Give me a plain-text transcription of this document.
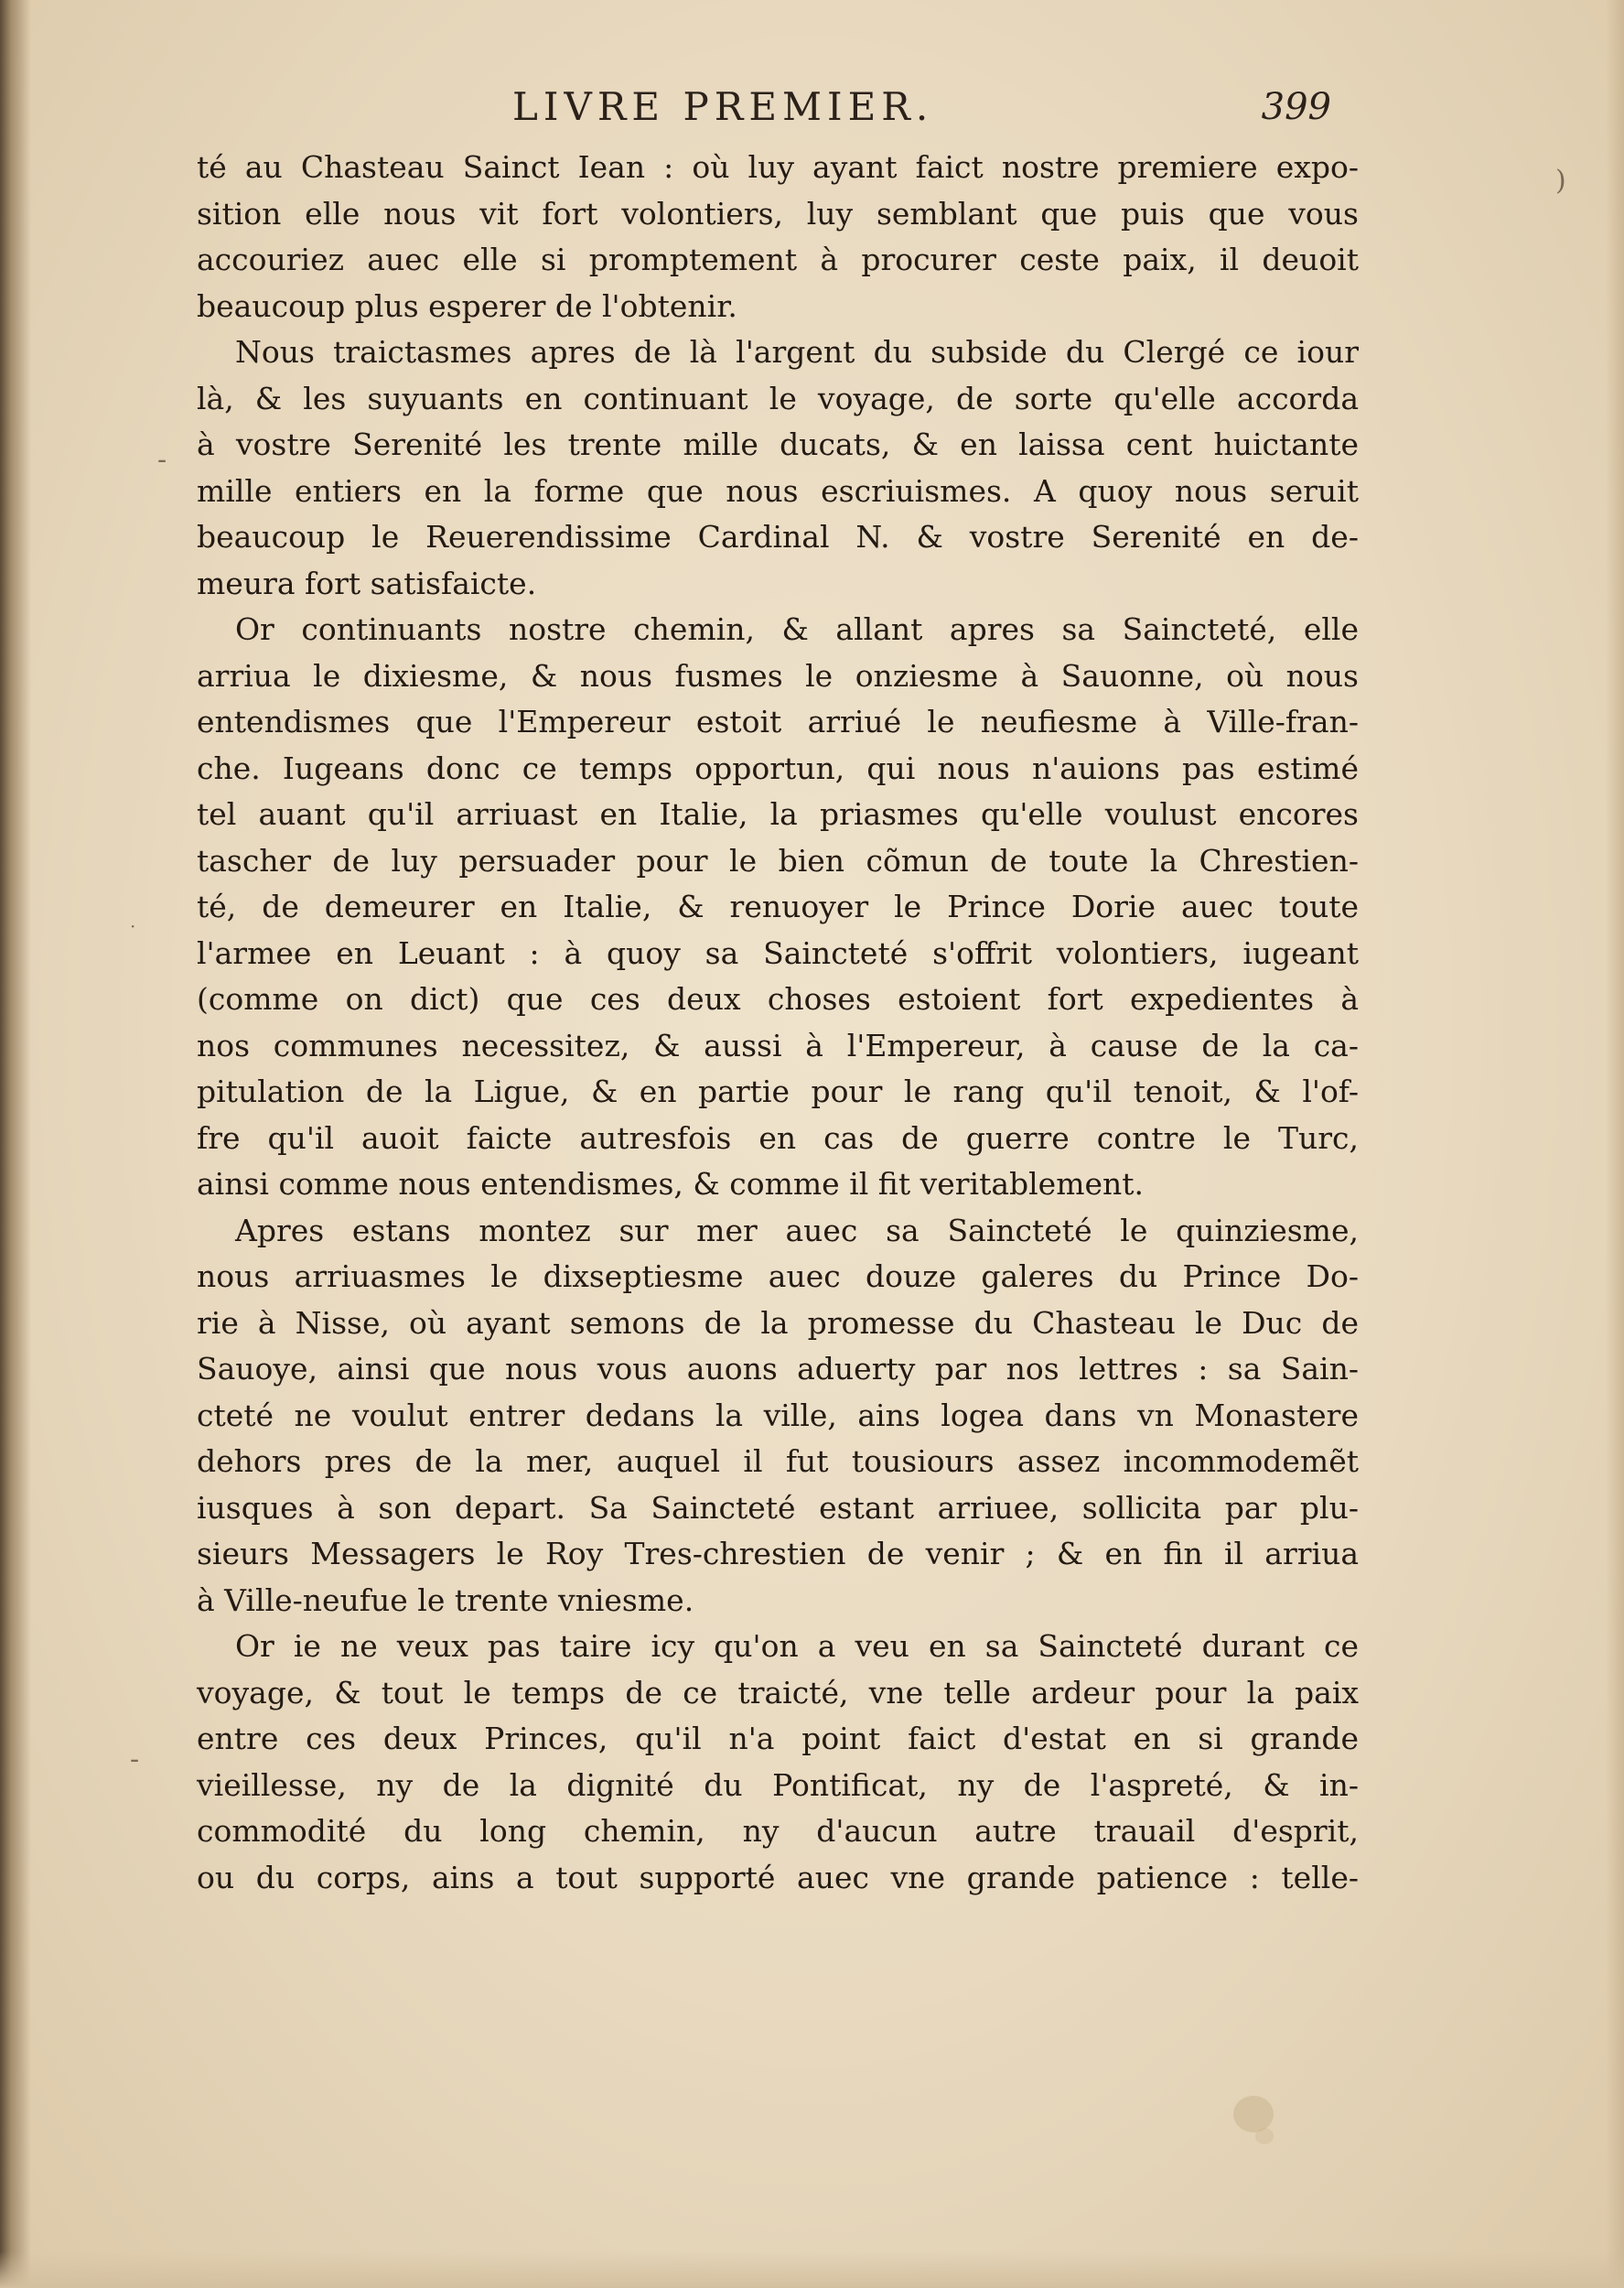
)
-
·
-
LIVRE PREMIER.	399
té au Chasteau Sainct Iean : où luy ayant faict nostre premiere expo-
sition elle nous vit fort volontiers, luy semblant que puis que vous
accouriez auec elle si promptement à procurer ceste paix, il deuoit
beaucoup plus esperer de l'obtenir.
Nous traictasmes apres de là l'argent du subside du Clergé ce iour
là, & les suyuants en continuant le voyage, de sorte qu'elle accorda
à vostre Serenité les trente mille ducats, & en laissa cent huictante
mille entiers en la forme que nous escriuismes. A quoy nous seruit
beaucoup le Reuerendissime Cardinal N. & vostre Serenité en de-
meura fort satisfaicte.
Or continuants nostre chemin, & allant apres sa Saincteté, elle
arriua le dixiesme, & nous fusmes le onziesme à Sauonne, où nous
entendismes que l'Empereur estoit arriué le neufiesme à Ville-fran-
che. Iugeans donc ce temps opportun, qui nous n'auions pas estimé
tel auant qu'il arriuast en Italie, la priasmes qu'elle voulust encores
tascher de luy persuader pour le bien cõmun de toute la Chrestien-
té, de demeurer en Italie, & renuoyer le Prince Dorie auec toute
l'armee en Leuant : à quoy sa Saincteté s'offrit volontiers, iugeant
(comme on dict) que ces deux choses estoient fort expedientes à
nos communes necessitez, & aussi à l'Empereur, à cause de la ca-
pitulation de la Ligue, & en partie pour le rang qu'il tenoit, & l'of-
fre qu'il auoit faicte autresfois en cas de guerre contre le Turc,
ainsi comme nous entendismes, & comme il fit veritablement.
Apres estans montez sur mer auec sa Saincteté le quinziesme,
nous arriuasmes le dixseptiesme auec douze galeres du Prince Do-
rie à Nisse, où ayant semons de la promesse du Chasteau le Duc de
Sauoye, ainsi que nous vous auons aduerty par nos lettres : sa Sain-
cteté ne voulut entrer dedans la ville, ains logea dans vn Monastere
dehors pres de la mer, auquel il fut tousiours assez incommodemẽt
iusques à son depart. Sa Saincteté estant arriuee, sollicita par plu-
sieurs Messagers le Roy Tres-chrestien de venir ; & en fin il arriua
à Ville-neufue le trente vniesme.
Or ie ne veux pas taire icy qu'on a veu en sa Saincteté durant ce
voyage, & tout le temps de ce traicté, vne telle ardeur pour la paix
entre ces deux Princes, qu'il n'a point faict d'estat en si grande
vieillesse, ny de la dignité du Pontificat, ny de l'aspreté, & in-
commodité du long chemin, ny d'aucun autre trauail d'esprit,
ou du corps, ains a tout supporté auec vne grande patience : telle-
